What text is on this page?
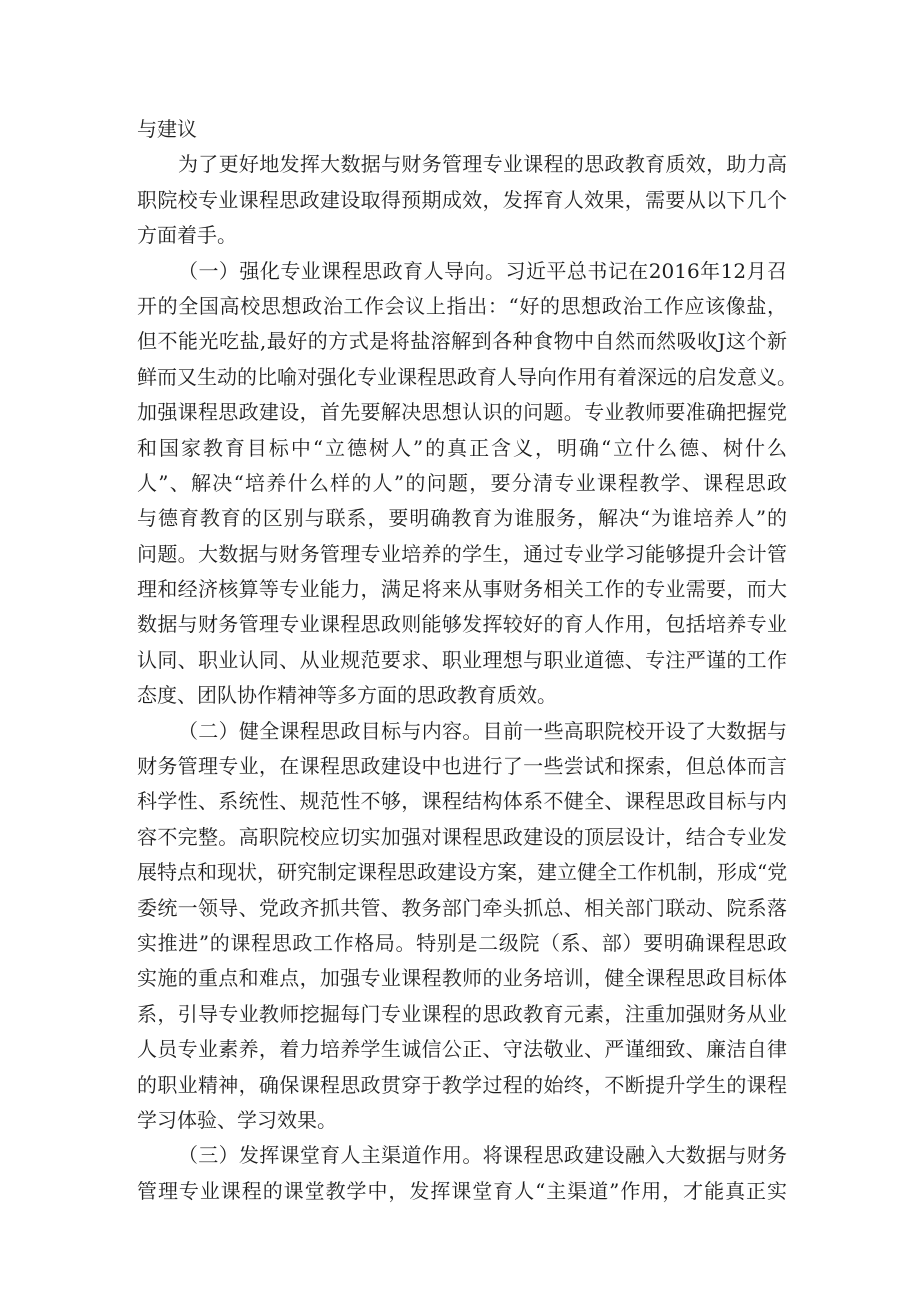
与建议
为了更好地发挥大数据与财务管理专业课程的思政教育质效，助力高
职院校专业课程思政建设取得预期成效，发挥育人效果，需要从以下几个
方面着手。
（一）强化专业课程思政育人导向。习近平总书记在2016年12月召
开的全国高校思想政治工作会议上指出：“好的思想政治工作应该像盐，
但不能光吃盐,最好的方式是将盐溶解到各种食物中自然而然吸收J这个新
鲜而又生动的比喻对强化专业课程思政育人导向作用有着深远的启发意义。
加强课程思政建设，首先要解决思想认识的问题。专业教师要准确把握党
和国家教育目标中“立德树人”的真正含义，明确“立什么德、树什么
人”、解决“培养什么样的人”的问题，要分清专业课程教学、课程思政
与德育教育的区别与联系，要明确教育为谁服务，解决“为谁培养人”的
问题。大数据与财务管理专业培养的学生，通过专业学习能够提升会计管
理和经济核算等专业能力，满足将来从事财务相关工作的专业需要，而大
数据与财务管理专业课程思政则能够发挥较好的育人作用，包括培养专业
认同、职业认同、从业规范要求、职业理想与职业道德、专注严谨的工作
态度、团队协作精神等多方面的思政教育质效。
（二）健全课程思政目标与内容。目前一些高职院校开设了大数据与
财务管理专业，在课程思政建设中也进行了一些尝试和探索，但总体而言
科学性、系统性、规范性不够，课程结构体系不健全、课程思政目标与内
容不完整。高职院校应切实加强对课程思政建设的顶层设计，结合专业发
展特点和现状，研究制定课程思政建设方案，建立健全工作机制，形成“党
委统一领导、党政齐抓共管、教务部门牵头抓总、相关部门联动、院系落
实推进”的课程思政工作格局。特别是二级院（系、部）要明确课程思政
实施的重点和难点，加强专业课程教师的业务培训，健全课程思政目标体
系，引导专业教师挖掘每门专业课程的思政教育元素，注重加强财务从业
人员专业素养，着力培养学生诚信公正、守法敬业、严谨细致、廉洁自律
的职业精神，确保课程思政贯穿于教学过程的始终，不断提升学生的课程
学习体验、学习效果。
（三）发挥课堂育人主渠道作用。将课程思政建设融入大数据与财务
管理专业课程的课堂教学中，发挥课堂育人“主渠道”作用，才能真正实
